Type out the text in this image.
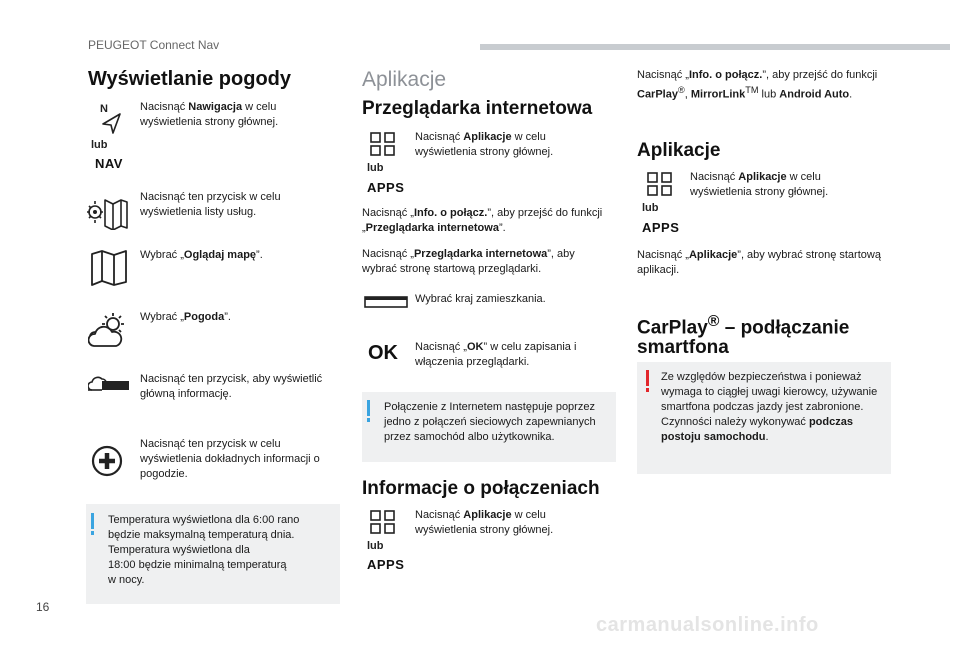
PEUGEOT Connect Nav
Wyświetlanie pogody
N
lub
NAV
Nacisnąć Nawigacja w celu wyświetlenia strony głównej.
Nacisnąć ten przycisk w celu wyświetlenia listy usług.
Wybrać „Oglądaj mapę”.
Wybrać „Pogoda”.
Nacisnąć ten przycisk, aby wyświetlić główną informację.
Nacisnąć ten przycisk w celu wyświetlenia dokładnych informacji o pogodzie.
Temperatura wyświetlona dla 6:00 rano będzie maksymalną temperaturą dnia.
Temperatura wyświetlona dla
18:00 będzie minimalną temperaturą
w nocy.
Aplikacje
Przeglądarka internetowa
lub
APPS
Nacisnąć Aplikacje w celu wyświetlenia strony głównej.
Nacisnąć „Info. o połącz.”, aby przejść do funkcji „Przeglądarka internetowa”.
Nacisnąć „Przeglądarka internetowa”, aby wybrać stronę startową przeglądarki.
Wybrać kraj zamieszkania.
OK Nacisnąć „OK” w celu zapisania i włączenia przeglądarki.
Połączenie z Internetem następuje poprzez jedno z połączeń sieciowych zapewnianych przez samochód albo użytkownika.
Informacje o połączeniach
lub
APPS
Nacisnąć Aplikacje w celu wyświetlenia strony głównej.
Nacisnąć „Info. o połącz.”, aby przejść do funkcji CarPlay®, MirrorLink™ lub Android Auto.
Aplikacje
lub
APPS
Nacisnąć Aplikacje w celu wyświetlenia strony głównej.
Nacisnąć „Aplikacje”, aby wybrać stronę startową aplikacji.
CarPlay® – podłączanie smartfona
Ze względów bezpieczeństwa i ponieważ wymaga to ciągłej uwagi kierowcy, używanie smartfona podczas jazdy jest zabronione.
Czynności należy wykonywać podczas postoju samochodu.
16
carmanualsonline.info
